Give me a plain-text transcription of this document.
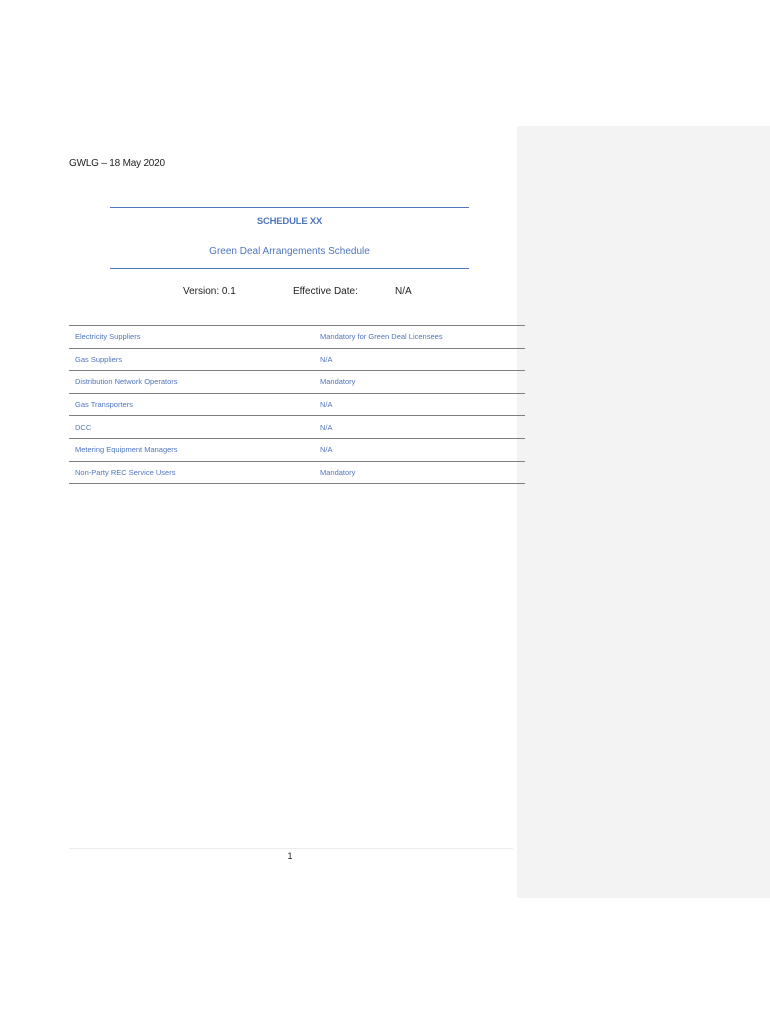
GWLG – 18 May 2020
SCHEDULE XX
Green Deal Arrangements Schedule
Version: 0.1	Effective Date:	N/A
Electricity Suppliers	Mandatory for Green Deal Licensees
Gas Suppliers	N/A
Distribution Network Operators	Mandatory
Gas Transporters	N/A
DCC	N/A
Metering Equipment Managers	N/A
Non-Party REC Service Users	Mandatory
1
